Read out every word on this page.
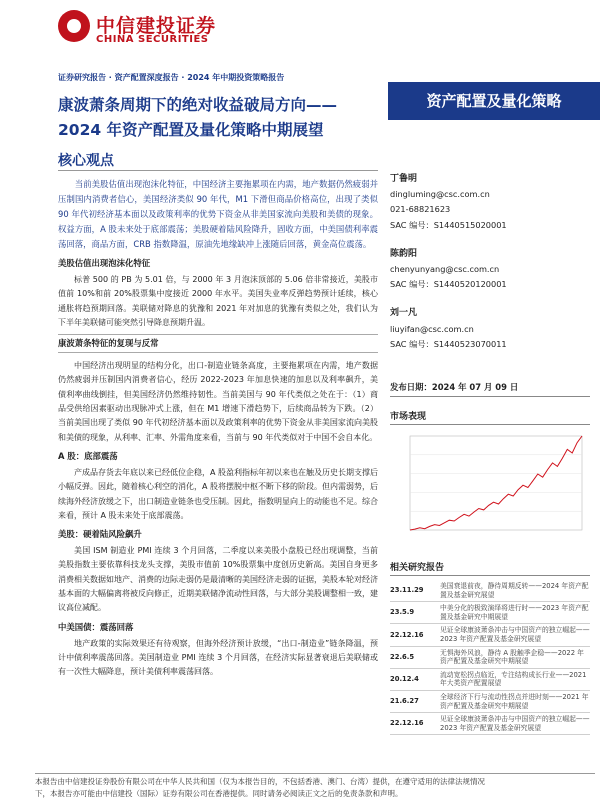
中信建投证券
CHINA SECURITIES
证券研究报告 · 资产配置深度报告 · 2024 年中期投资策略报告
康波萧条周期下的绝对收益破局方向——
2024 年资产配置及量化策略中期展望
资产配置及量化策略
核心观点

当前美股估值出现泡沫化特征，中国经济主要拖累项在内需，地产数据仍然疲弱并压制国内消费者信心，美国经济类似 90 年代，M1 下滑但商品价格高位，出现了类似 90 年代初经济基本面以及政策利率的优势下资金从非美国家流向美股和美债的现象。权益方面，A 股未来处于底部震荡；美股硬着陆风险降升，固收方面，中美国债利率震荡回落，商品方面，CRB 指数降温，原油先地缘缺冲上涨随后回落，黄金高位震荡。

美股估值出现泡沫化特征

标普 500 的 PB 为 5.01 倍，与 2000 年 3 月泡沫顶部的 5.06 倍非常接近，美股市值前 10%和前 20%股票集中度接近 2000 年水平。美国失业率反弹趋势预计延续，核心通胀将趋预期回落。美联储对降息的犹豫和 2021 年对加息的犹豫有类似之处，我们认为下半年美联储可能突然引导降息预期升温。

康波萧条特征的复现与反常

中国经济出现明显的结构分化，出口-制造业链条高度，主要拖累项在内需，地产数据仍然疲弱并压制国内消费者信心，经历 2022-2023 年加息快速的加息以及利率飙升，美债利率曲线倒挂，但美国经济仍然维持韧性。当前美国与 90 年代类似之处在于：（1）商品受供给因素驱动出现脉冲式上涨，但在 M1 增速下滑趋势下，后续商品转为下跌。（2）当前美国出现了类似 90 年代初经济基本面以及政策利率的优势下资金从非美国家流向美股和美债的现象，从利率、汇率、外需角度来看，当前与 90 年代类似对于中国不会自本化。

A 股：底部震荡

产成品存货去年底以来已经低位企稳，A 股盈利指标年初以来也在触及历史长期支撑后小幅反弹。因此，随着核心利空的消化，A 股将摆脱中枢不断下移的阶段。但内需弱势，后续海外经济放缓之下，出口制造业链条也受压制。因此，指数明显向上的动能也不足。综合来看，预计 A 股未来处于底部震荡。

美股：硬着陆风险飙升

美国 ISM 制造业 PMI 连续 3 个月回落，二季度以来美股小盘股已经出现调整，当前美股指数主要依靠科技龙头支撑，美股市值前 10%股票集中度创历史新高。美国自身更多消费相关数据如地产、消费的边际走弱仍是最清晰的美国经济走弱的证据，美股本轮对经济基本面的大幅偏离将被反向修正，近期美联储净流动性回落，与大部分美股调整相一致，建议高位减配。

中美国债：震荡回落

地产政策的实际效果还有待观察，但海外经济预计放缓，“出口-制造业”链条降温，预计中债利率震荡回落。美国制造业 PMI 连续 3 个月回落，在经济实际显著衰退后美联储或有一次性大幅降息，预计美债利率震荡回落。

丁鲁明
dingluming@csc.com.cn
021-68821623
SAC 编号：S1440515020001
陈韵阳
chenyunyang@csc.com.cn
SAC 编号：S1440520120001
刘一凡
liuyifan@csc.com.cn
SAC 编号：S1440523070011
发布日期：2024 年 07 月 09 日
市场表现
相关研究报告
23.11.29
美国衰退前夜，静待周期反转——2024 年资产配置及基金研究展望
23.5.9
中美分化的极致演绎将进行时——2023 年资产配置及基金研究中期展望
22.12.16
见证全球康波萧条冲击与中国资产的独立崛起——2023 年资产配置及基金研究展望
22.6.5
无惧海外风浪，静待 A 股触季企稳——2022 年资产配置及基金研究中期展望
20.12.4
流动宽松拐点临近，专注结构成长行业——2021 年大类资产配置展望
21.6.27
全球经济下行与流动性拐点并进时刻——2021 年资产配置及基金研究中期展望
22.12.16
见证全球康波萧条冲击与中国资产的独立崛起——2023 年资产配置及基金研究展望
本报告由中信建投证券股份有限公司在中华人民共和国（仅为本报告目的，不包括香港、澳门、台湾）提供，在遵守适用的法律法规情况
下，本报告亦可能由中信建投（国际）证券有限公司在香港提供。同时请务必阅读正文之后的免责条款和声明。
